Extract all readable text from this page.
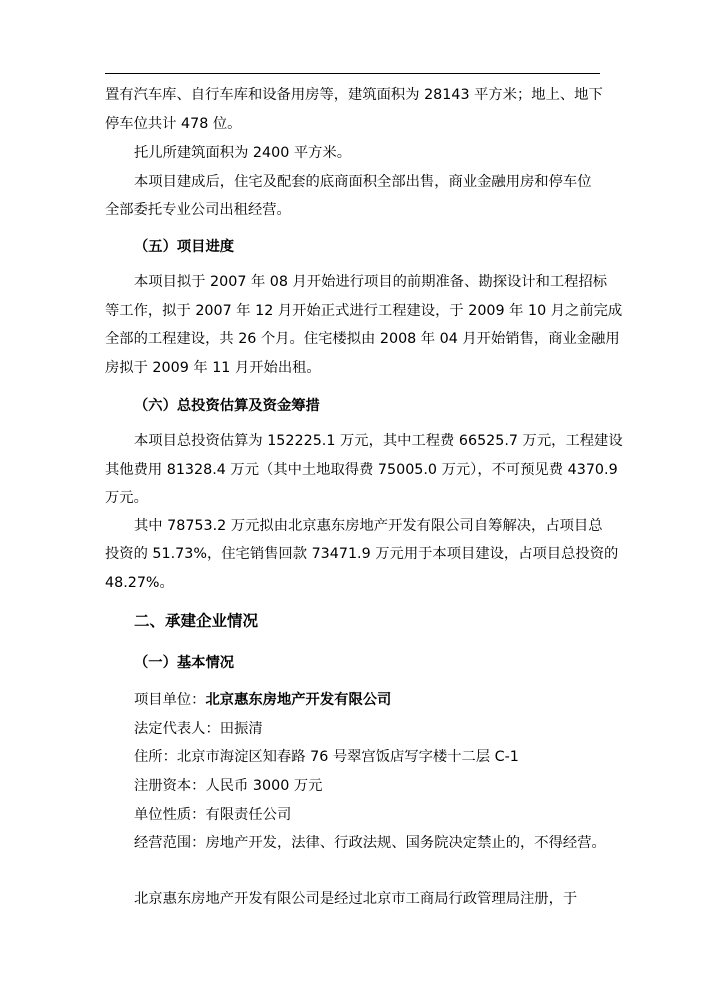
置有汽车库、自行车库和设备用房等，建筑面积为 28143 平方米；地上、地下
停车位共计 478 位。
托儿所建筑面积为 2400 平方米。
本项目建成后，住宅及配套的底商面积全部出售，商业金融用房和停车位
全部委托专业公司出租经营。
（五）项目进度
本项目拟于 2007 年 08 月开始进行项目的前期准备、勘探设计和工程招标
等工作，拟于 2007 年 12 月开始正式进行工程建设，于 2009 年 10 月之前完成
全部的工程建设，共 26 个月。住宅楼拟由 2008 年 04 月开始销售，商业金融用
房拟于 2009 年 11 月开始出租。
（六）总投资估算及资金筹措
本项目总投资估算为 152225.1 万元，其中工程费 66525.7 万元，工程建设
其他费用 81328.4 万元（其中土地取得费 75005.0 万元），不可预见费 4370.9
万元。
其中 78753.2 万元拟由北京惠东房地产开发有限公司自筹解决，占项目总
投资的 51.73%，住宅销售回款 73471.9 万元用于本项目建设，占项目总投资的
48.27%。
二、承建企业情况
（一）基本情况
项目单位：北京惠东房地产开发有限公司
法定代表人：田振清
住所：北京市海淀区知春路 76 号翠宫饭店写字楼十二层 C-1
注册资本：人民币 3000 万元
单位性质：有限责任公司
经营范围：房地产开发，法律、行政法规、国务院决定禁止的，不得经营。
北京惠东房地产开发有限公司是经过北京市工商局行政管理局注册，于
